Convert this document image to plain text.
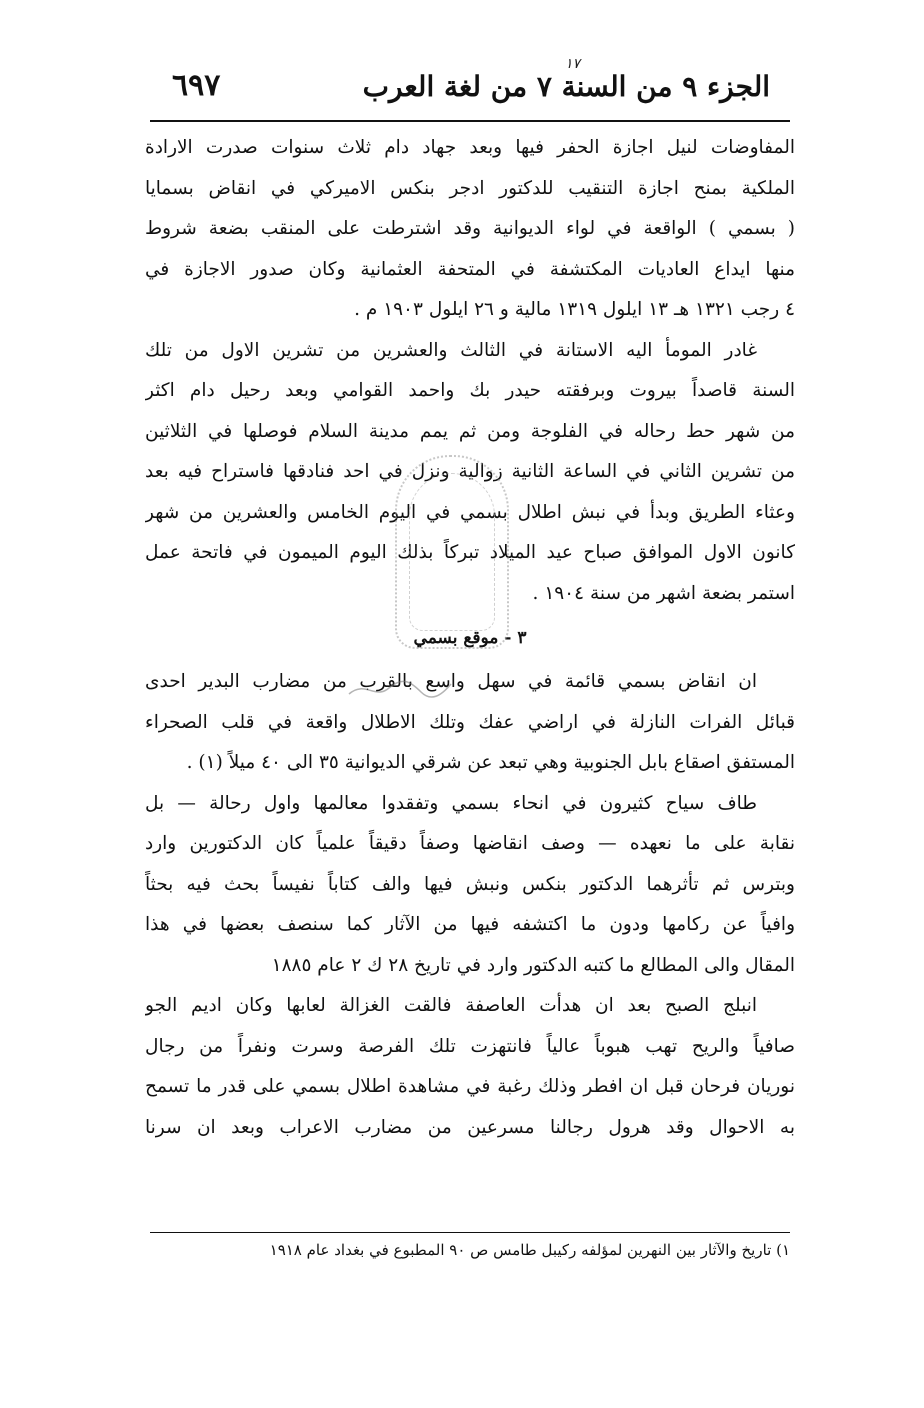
الجزء ٩ من السنة ٧ من لغة العرب
١٧
٦٩٧
المفاوضات لنيل اجازة الحفر فيها وبعد جهاد دام ثلاث سنوات صدرت الارادة
الملكية بمنح اجازة التنقيب للدكتور ادجر بنكس الاميركي في انقاض بسمايا
( بسمي ) الواقعة في لواء الديوانية وقد اشترطت على المنقب بضعة شروط
منها ايداع العاديات المكتشفة في المتحفة العثمانية وكان صدور الاجازة في
٤ رجب ١٣٢١ هـ ١٣ ايلول ١٣١٩ مالية و ٢٦ ايلول ١٩٠٣ م .
غادر المومأ اليه الاستانة في الثالث والعشرين من تشرين الاول من تلك
السنة قاصداً بيروت وبرفقته حيدر بك واحمد القوامي وبعد رحيل دام اكثر
من شهر حط رحاله في الفلوجة ومن ثم يمم مدينة السلام فوصلها في الثلاثين
من تشرين الثاني في الساعة الثانية زوالية ونزل في احد فنادقها فاستراح فيه بعد
وعثاء الطريق وبدأ في نبش اطلال بسمي في اليوم الخامس والعشرين من شهر
كانون الاول الموافق صباح عيد الميلاد تبركاً بذلك اليوم الميمون في فاتحة عمل
استمر بضعة اشهر من سنة ١٩٠٤ .
٣ - موقع بسمي
ان انقاض بسمي قائمة في سهل واسع بالقرب من مضارب البدير احدى
قبائل الفرات النازلة في اراضي عفك وتلك الاطلال واقعة في قلب الصحراء
المستفق اصقاع بابل الجنوبية وهي تبعد عن شرقي الديوانية ٣٥ الى ٤٠ ميلاً (١) .
طاف سياح كثيرون في انحاء بسمي وتفقدوا معالمها واول رحالة — بل
نقابة على ما نعهده — وصف انقاضها وصفاً دقيقاً علمياً كان الدكتورين وارد
وبترس ثم تأثرهما الدكتور بنكس ونبش فيها والف كتاباً نفيساً بحث فيه بحثاً
وافياً عن ركامها ودون ما اكتشفه فيها من الآثار كما سنصف بعضها في هذا
المقال والى المطالع ما كتبه الدكتور وارد في تاريخ ٢٨ ك ٢ عام ١٨٨٥
انبلج الصبح بعد ان هدأت العاصفة فالقت الغزالة لعابها وكان اديم الجو
صافياً والريح تهب هبوباً عالياً فانتهزت تلك الفرصة وسرت ونفراً من رجال
نوريان فرحان قبل ان افطر وذلك رغبة في مشاهدة اطلال بسمي على قدر ما تسمح
به الاحوال وقد هرول رجالنا مسرعين من مضارب الاعراب وبعد ان سرنا
١) تاريخ والآثار بين النهرين لمؤلفه ركيبل طامس ص ٩٠ المطبوع في بغداد عام ١٩١٨
